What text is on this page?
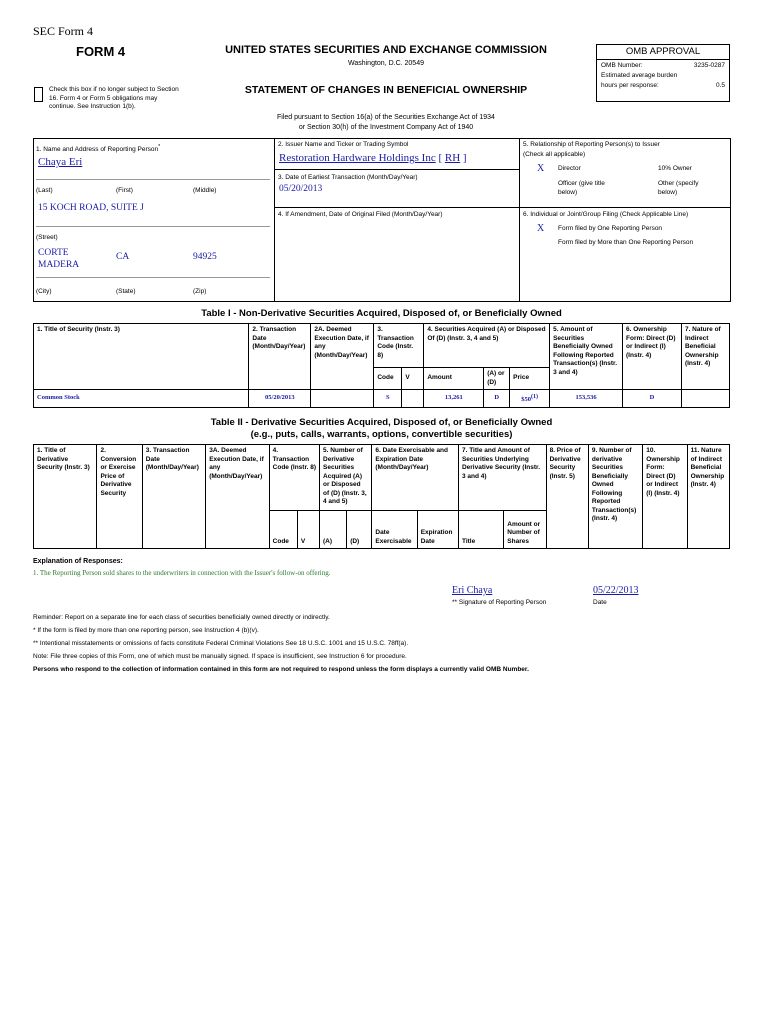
SEC Form 4
FORM 4
Check this box if no longer subject to Section 16. Form 4 or Form 5 obligations may continue. See Instruction 1(b).
UNITED STATES SECURITIES AND EXCHANGE COMMISSION
Washington, D.C. 20549
STATEMENT OF CHANGES IN BENEFICIAL OWNERSHIP
Filed pursuant to Section 16(a) of the Securities Exchange Act of 1934
or Section 30(h) of the Investment Company Act of 1940
OMB APPROVAL
OMB Number:	3235-0287
Estimated average burden
hours per response:	0.5
1. Name and Address of Reporting Person*
Chaya Eri
(Last)	(First)	(Middle)
15 KOCH ROAD, SUITE J
(Street)
CORTE
MADERA
CA	94925
(City)	(State)	(Zip)
2. Issuer Name and Ticker or Trading Symbol
Restoration Hardware Holdings Inc [ RH ]
3. Date of Earliest Transaction (Month/Day/Year)
05/20/2013
4. If Amendment, Date of Original Filed (Month/Day/Year)
5. Relationship of Reporting Person(s) to Issuer
(Check all applicable)
X Director	10% Owner
Officer (give title
below)
Other (specify
below)
6. Individual or Joint/Group Filing (Check Applicable Line)
X Form filed by One Reporting Person
Form filed by More than One Reporting Person
Table I - Non-Derivative Securities Acquired, Disposed of, or Beneficially Owned
1. Title of Security (Instr. 3)	2. Transaction Date (Month/Day/Year)	2A. Deemed Execution Date, if any (Month/Day/Year)	3. Transaction Code (Instr. 8)		4. Securities Acquired (A) or Disposed Of (D) (Instr. 3, 4 and 5)			5. Amount of Securities Beneficially Owned Following Reported Transaction(s) (Instr. 3 and 4)	6. Ownership Form: Direct (D) or Indirect (I) (Instr. 4)	7. Nature of Indirect Beneficial Ownership (Instr. 4)
			Code	V	Amount	(A) or (D)	Price			
Common Stock	05/20/2013		S		13,261	D	$50$^{(1)}$	153,536	D	
Table II - Derivative Securities Acquired, Disposed of, or Beneficially Owned
(e.g., puts, calls, warrants, options, convertible securities)
1. Title of Derivative Security (Instr. 3)	2. Conversion or Exercise Price of Derivative Security	3. Transaction Date (Month/Day/Year)	3A. Deemed Execution Date, if any (Month/Day/Year)	4. Transaction Code (Instr. 8)		5. Number of Derivative Securities Acquired (A) or Disposed of (D) (Instr. 3, 4 and 5)		6. Date Exercisable and Expiration Date (Month/Day/Year)		7. Title and Amount of Securities Underlying Derivative Security (Instr. 3 and 4)		8. Price of Derivative Security (Instr. 5)	9. Number of derivative Securities Beneficially Owned Following Reported Transaction(s) (Instr. 4)	10. Ownership Form: Direct (D) or Indirect (I) (Instr. 4)	11. Nature of Indirect Beneficial Ownership (Instr. 4)
				Code	V	(A)	(D)	Date Exercisable	Expiration Date	Title	Amount or Number of Shares				
Explanation of Responses:
1. The Reporting Person sold shares to the underwriters in connection with the Issuer's follow-on offering.
Eri Chaya	05/22/2013
** Signature of Reporting Person	Date
Reminder: Report on a separate line for each class of securities beneficially owned directly or indirectly.
* If the form is filed by more than one reporting person, see Instruction 4 (b)(v).
** Intentional misstatements or omissions of facts constitute Federal Criminal Violations See 18 U.S.C. 1001 and 15 U.S.C. 78ff(a).
Note: File three copies of this Form, one of which must be manually signed. If space is insufficient, see Instruction 6 for procedure.
Persons who respond to the collection of information contained in this form are not required to respond unless the form displays a currently valid OMB Number.
